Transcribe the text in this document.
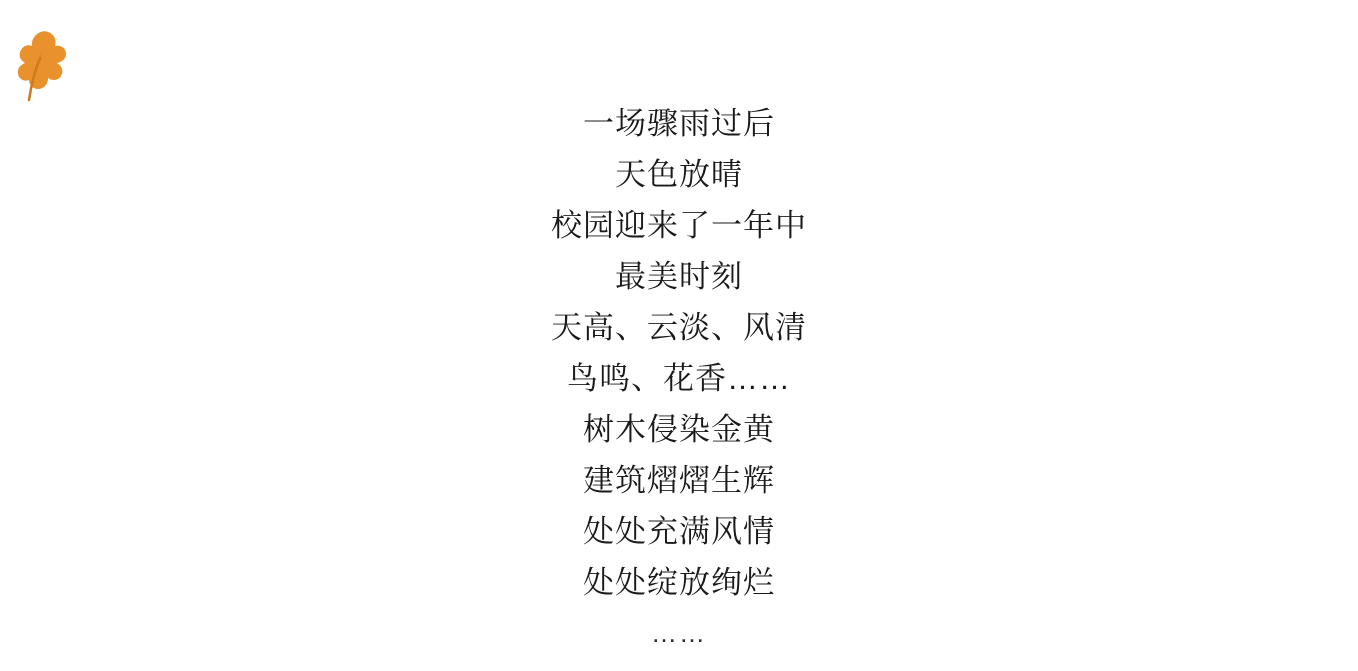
一场骤雨过后
天色放晴
校园迎来了一年中
最美时刻
天高、云淡、风清
鸟鸣、花香……
树木侵染金黄
建筑熠熠生辉
处处充满风情
处处绽放绚烂
……
